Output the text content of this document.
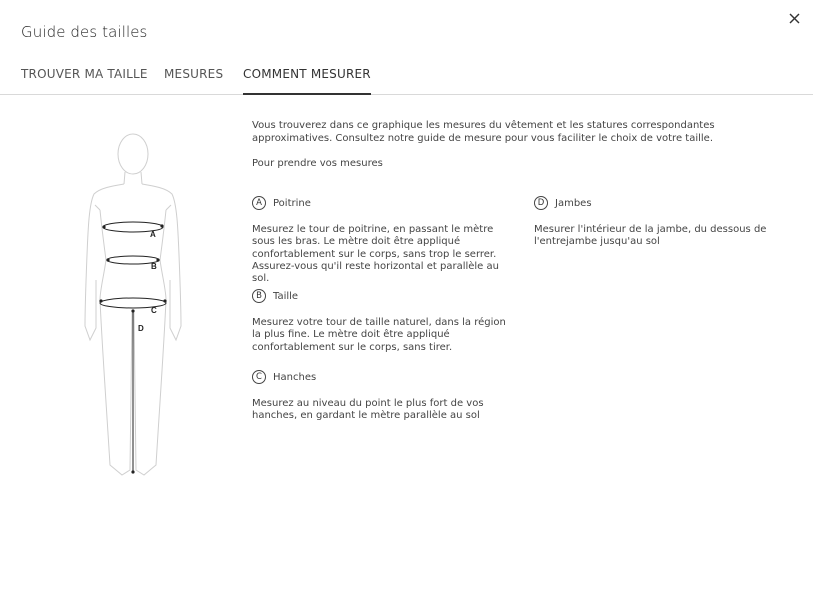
Guide des tailles
TROUVER MA TAILLE MESURES COMMENT MESURER
A
B
C
D

Vous trouverez dans ce graphique les mesures du vêtement et les statures correspondantes approximatives. Consultez notre guide de mesure pour vous faciliter le choix de votre taille.

Pour prendre vos mesures

A	Poitrine

Mesurez le tour de poitrine, en passant le mètre sous les bras. Le mètre doit être appliqué confortablement sur le corps, sans trop le serrer. Assurez-vous qu'il reste horizontal et parallèle au sol.

B	Taille

Mesurez votre tour de taille naturel, dans la région la plus fine. Le mètre doit être appliqué confortablement sur le corps, sans tirer.

C	Hanches

Mesurez au niveau du point le plus fort de vos hanches, en gardant le mètre parallèle au sol

D	Jambes

Mesurer l'intérieur de la jambe, du dessous de l'entrejambe jusqu'au sol
